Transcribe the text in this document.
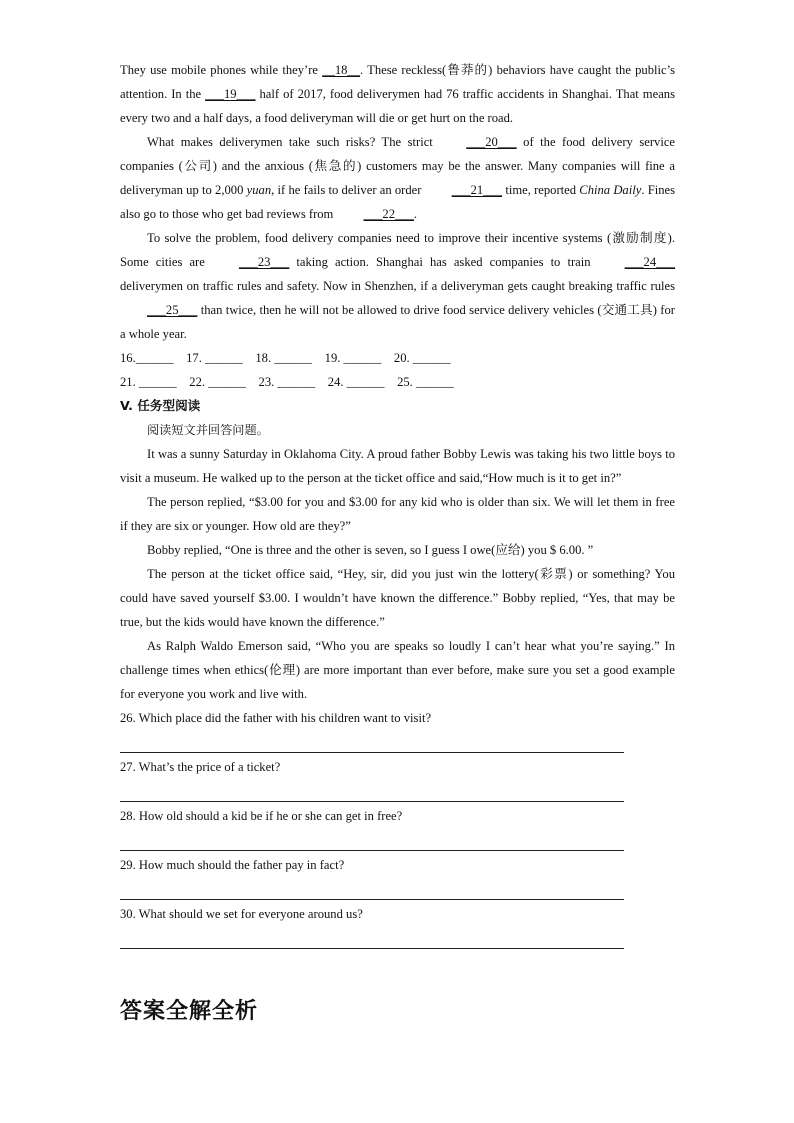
They use mobile phones while they’re __18__. These reckless(鲁莽的) behaviors have caught the public’s attention. In the ___19___ half of 2017, food deliverymen had 76 traffic accidents in Shanghai. That means every two and a half days, a food deliveryman will die or get hurt on the road.

What makes deliverymen take such risks? The strict ___20___ of the food delivery service companies (公司) and the anxious (焦急的) customers may be the answer. Many companies will fine a deliveryman up to 2,000 yuan, if he fails to deliver an order ___21___ time, reported China Daily. Fines also go to those who get bad reviews from ___22___.

To solve the problem, food delivery companies need to improve their incentive systems (激励制度). Some cities are ___23___ taking action. Shanghai has asked companies to train ___24___ deliverymen on traffic rules and safety. Now in Shenzhen, if a deliveryman gets caught breaking traffic rules ___25___ than twice, then he will not be allowed to drive food service delivery vehicles (交通工具) for a whole year.

16.______    17. ______    18. ______    19. ______    20. ______

21. ______    22. ______    23. ______    24. ______    25. ______

V. 任务型阅读

阅读短文并回答问题。

It was a sunny Saturday in Oklahoma City. A proud father Bobby Lewis was taking his two little boys to visit a museum. He walked up to the person at the ticket office and said,“How much is it to get in?”

The person replied, “$3.00 for you and $3.00 for any kid who is older than six. We will let them in free if they are six or younger. How old are they?”

Bobby replied, “One is three and the other is seven, so I guess I owe(应给) you $ 6.00. ”

The person at the ticket office said, “Hey, sir, did you just win the lottery(彩票) or something? You could have saved yourself $3.00. I wouldn’t have known the difference.” Bobby replied, “Yes, that may be true, but the kids would have known the difference.”

As Ralph Waldo Emerson said, “Who you are speaks so loudly I can’t hear what you’re saying.” In challenge times when ethics(伦理) are more important than ever before, make sure you set a good example for everyone you work and live with.

26. Which place did the father with his children want to visit?

27. What’s the price of a ticket?

28. How old should a kid be if he or she can get in free?

29. How much should the father pay in fact?

30. What should we set for everyone around us?

答案全解全析
